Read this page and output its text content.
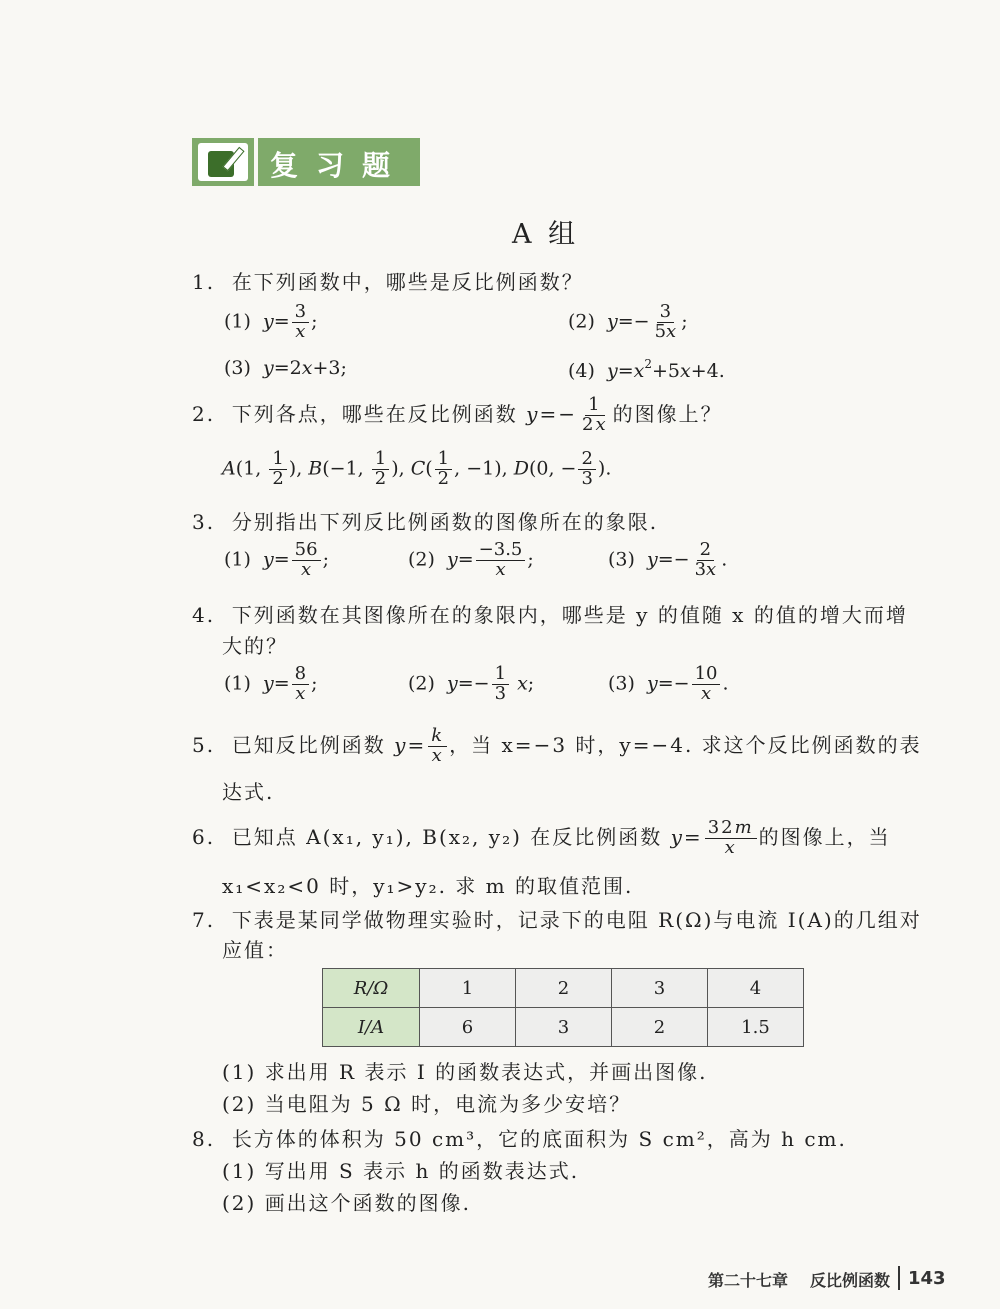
复习题
A 组
1. 在下列函数中，哪些是反比例函数？
(1)  $y= \frac{3}{x}$ ;	(2)  $y=- \frac{3}{5x}$ ;
(3)  y=2x+3;	(4)  $y=x^2+5x+4$.
2. 下列各点，哪些在反比例函数 $y=- \frac{1}{2x}$ 的图像上？
A(1, $\frac{1}{2}$ ), B(−1, $\frac{1}{2}$ ), $C( \frac{1}{2}$ , −1), D(0, − $\frac{2}{3}$ ).
3. 分别指出下列反比例函数的图像所在的象限.
(1)  $y= \frac{56}{x}$ ;	(2)  $y= \frac{-3.5}{x}$ ;	(3)  $y=- \frac{2}{3x}$ .
4. 下列函数在其图像所在的象限内，哪些是 y 的值随 x 的值的增大而增
大的？
(1)  $y= \frac{8}{x}$ ;	(2)  $y=- \frac{1}{3} x$;	(3)  $y=- \frac{10}{x}$ .
5. 已知反比例函数 $y= \frac{k}{x}$ ，当 x=−3 时，y=−4. 求这个反比例函数的表
达式.
6. 已知点 A(x₁, y₁), B(x₂, y₂) 在反比例函数 $y= \frac{32m}{x}$ 的图像上，当
x₁<x₂<0 时，y₁>y₂. 求 m 的取值范围.
7. 下表是某同学做物理实验时，记录下的电阻 R(Ω)与电流 I(A)的几组对
应值：
R/Ω	1	2	3	4
I/A	6	3	2	1.5
(1) 求出用 R 表示 I 的函数表达式，并画出图像.
(2) 当电阻为 5 Ω 时，电流为多少安培？
8. 长方体的体积为 50 cm³，它的底面积为 S cm²，高为 h cm.
(1) 写出用 S 表示 h 的函数表达式.
(2) 画出这个函数的图像.
第二十七章 反比例函数 143
